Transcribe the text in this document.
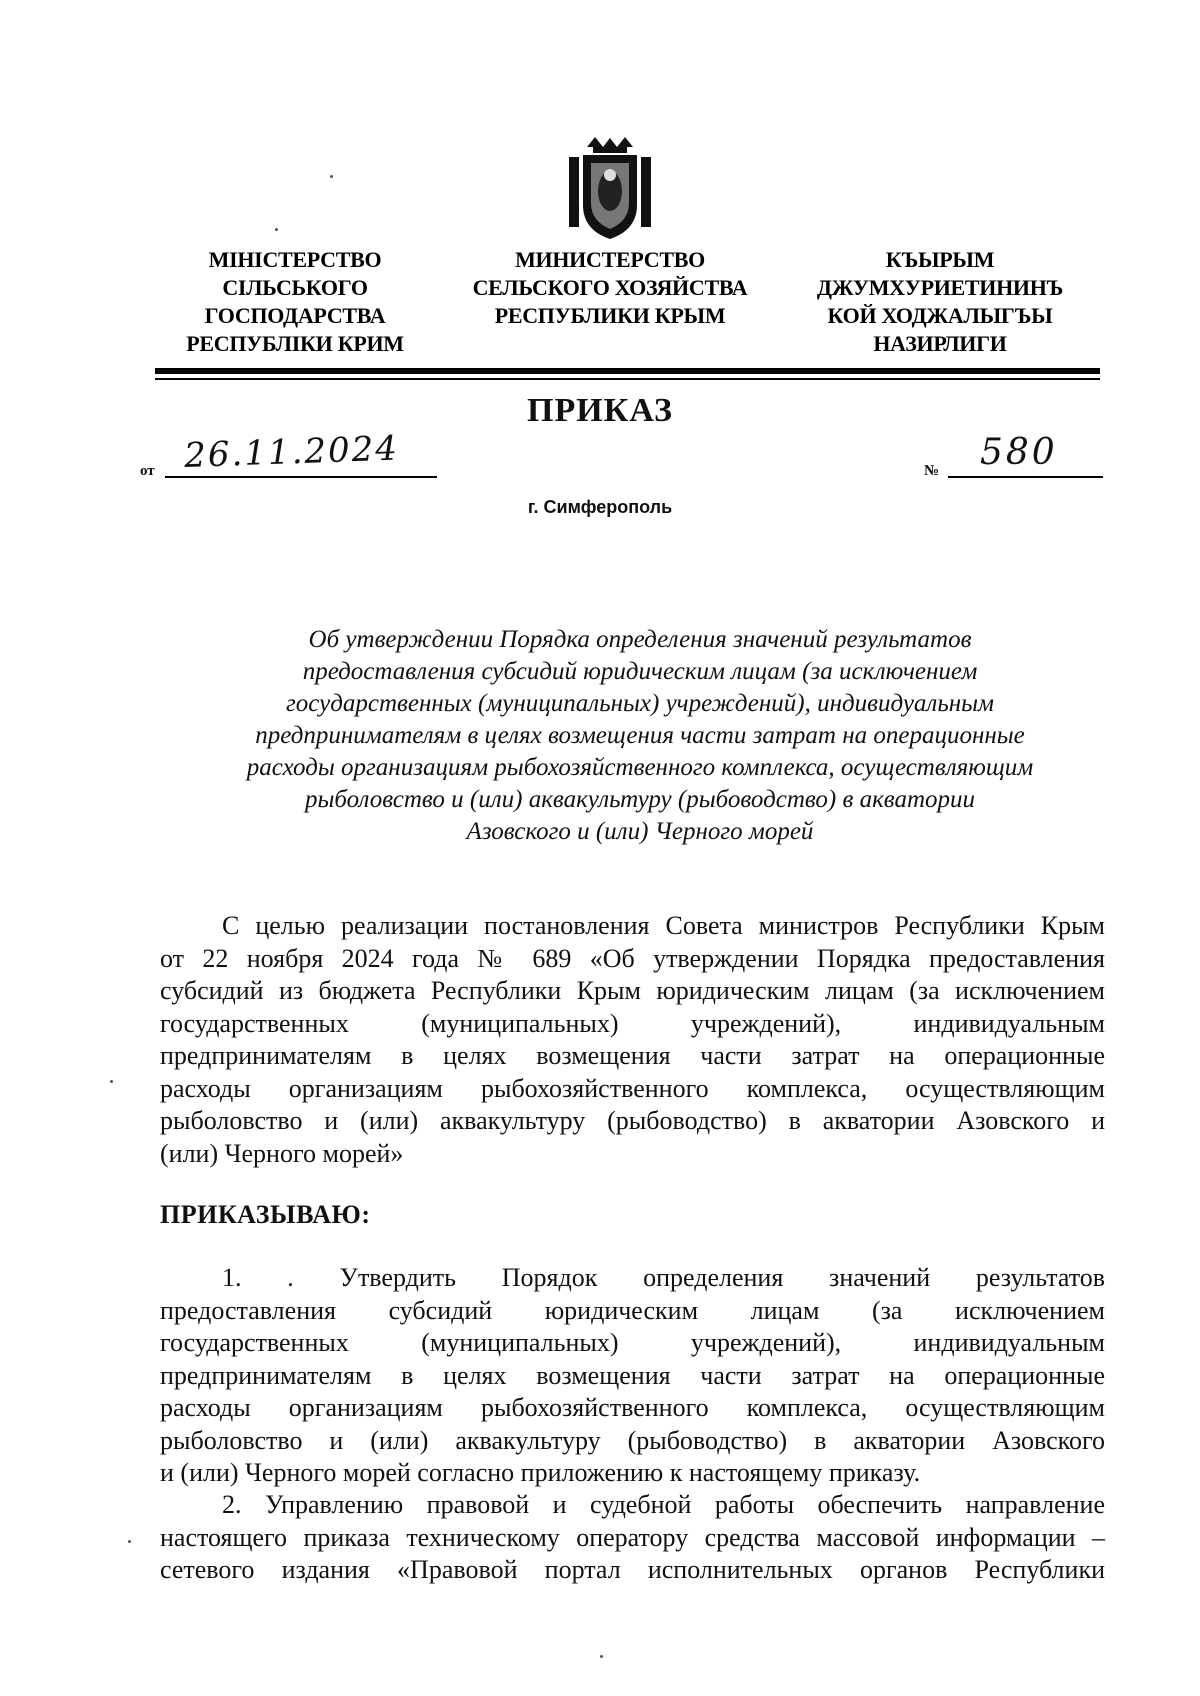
МІНІСТЕРСТВО
СІЛЬСЬКОГО
ГОСПОДАРСТВА
РЕСПУБЛІКИ КРИМ
МИНИСТЕРСТВО
СЕЛЬСКОГО ХОЗЯЙСТВА
РЕСПУБЛИКИ КРЫМ
КЪЫРЫМ
ДЖУМХУРИЕТИНИНЪ
КОЙ ХОДЖАЛЫГЪЫ
НАЗИРЛИГИ
ПРИКАЗ
от 26.11.2024	№ 580
г. Симферополь
Об утверждении Порядка определения значений результатов
предоставления субсидий юридическим лицам (за исключением
государственных (муниципальных) учреждений), индивидуальным
предпринимателям в целях возмещения части затрат на операционные
расходы организациям рыбохозяйственного комплекса, осуществляющим
рыболовство и (или) аквакультуру (рыбоводство) в акватории
Азовского и (или) Черного морей
С целью реализации постановления Совета министров Республики Крым
от 22 ноября 2024 года № 689 «Об утверждении Порядка предоставления
субсидий из бюджета Республики Крым юридическим лицам (за исключением
государственных (муниципальных) учреждений), индивидуальным
предпринимателям в целях возмещения части затрат на операционные
расходы организациям рыбохозяйственного комплекса, осуществляющим
рыболовство и (или) аквакультуру (рыбоводство) в акватории Азовского и
(или) Черного морей»
ПРИКАЗЫВАЮ:
1. . Утвердить Порядок определения значений результатов
предоставления субсидий юридическим лицам (за исключением
государственных (муниципальных) учреждений), индивидуальным
предпринимателям в целях возмещения части затрат на операционные
расходы организациям рыбохозяйственного комплекса, осуществляющим
рыболовство и (или) аквакультуру (рыбоводство) в акватории Азовского
и (или) Черного морей согласно приложению к настоящему приказу.
2. Управлению правовой и судебной работы обеспечить направление
настоящего приказа техническому оператору средства массовой информации –
сетевого издания «Правовой портал исполнительных органов Республики
